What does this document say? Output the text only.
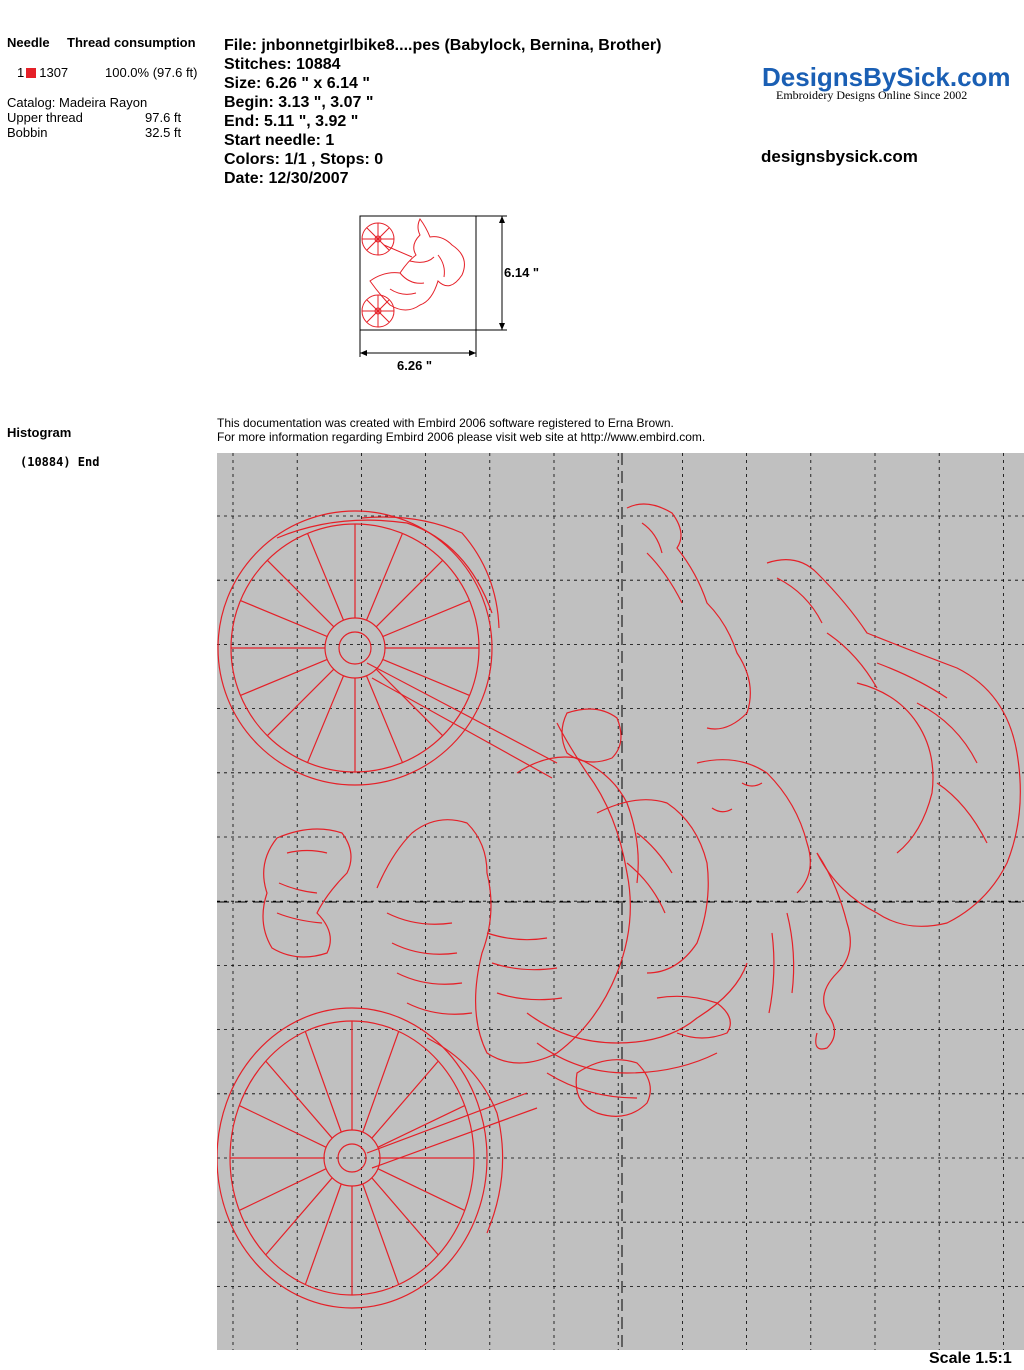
Needle Thread consumption
1 1307	100.0% (97.6 ft)
Catalog: Madeira Rayon
Upper thread	97.6 ft
Bobbin	32.5 ft
File: jnbonnetgirlbike8....pes (Babylock, Bernina, Brother)
Stitches: 10884
Size: 6.26 " x 6.14 "
Begin: 3.13 ", 3.07 "
End: 5.11 ", 3.92 "
Start needle: 1
Colors: 1/1 , Stops: 0
Date: 12/30/2007
DesignsBySick.com
Embroidery Designs Online Since 2002
designsbysick.com
6.14 "
6.26 "
Histogram
(10884) End
This documentation was created with Embird 2006 software registered to Erna Brown.
For more information regarding Embird 2006 please visit web site at http://www.embird.com.
Scale 1.5:1
